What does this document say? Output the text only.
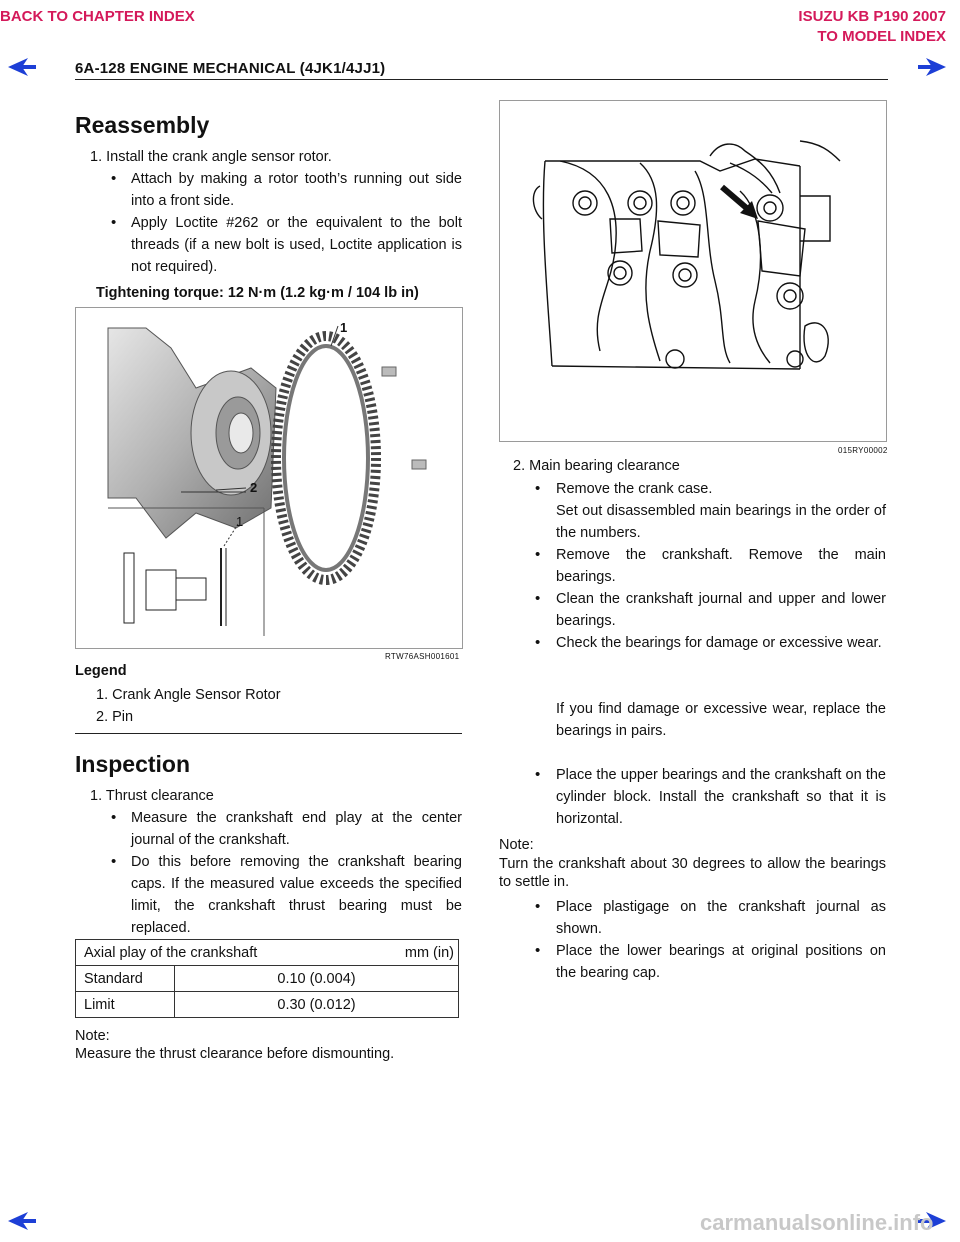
BACK TO CHAPTER INDEX	ISUZU KB P190 2007
TO MODEL INDEX
6A-128 ENGINE MECHANICAL (4JK1/4JJ1)
Reassembly
1. Install the crank angle sensor rotor.
•	Attach by making a rotor tooth’s running out side into a front side.
•	Apply Loctite #262 or the equivalent to the bolt threads (if a new bolt is used, Loctite application is not required).
Tightening torque: 12 N·m (1.2 kg·m / 104 lb in)
1
2
1
RTW76ASH001601
Legend
1. Crank Angle Sensor Rotor
2. Pin
Inspection
1. Thrust clearance
•	Measure the crankshaft end play at the center journal of the crankshaft.
•	Do this before removing the crankshaft bearing caps. If the measured value exceeds the specified limit, the crankshaft thrust bearing must be replaced.
Axial play of the crankshaft mm (in)	

Standard	0.10 (0.004)
Limit	0.30 (0.012)
Note:
Measure the thrust clearance before dismounting.
015RY00002
2. Main bearing clearance
•	Remove the crank case.
Set out disassembled main bearings in the order of the numbers.
•	Remove the crankshaft. Remove the main bearings.
•	Clean the crankshaft journal and upper and lower bearings.
•	Check the bearings for damage or excessive wear.
If you find damage or excessive wear, replace the bearings in pairs.
•	Place the upper bearings and the crankshaft on the cylinder block. Install the crankshaft so that it is horizontal.
Note:
Turn the crankshaft about 30 degrees to allow the bearings to settle in.
•	Place plastigage on the crankshaft journal as shown.
•	Place the lower bearings at original positions on the bearing cap.
carmanualsonline.info
